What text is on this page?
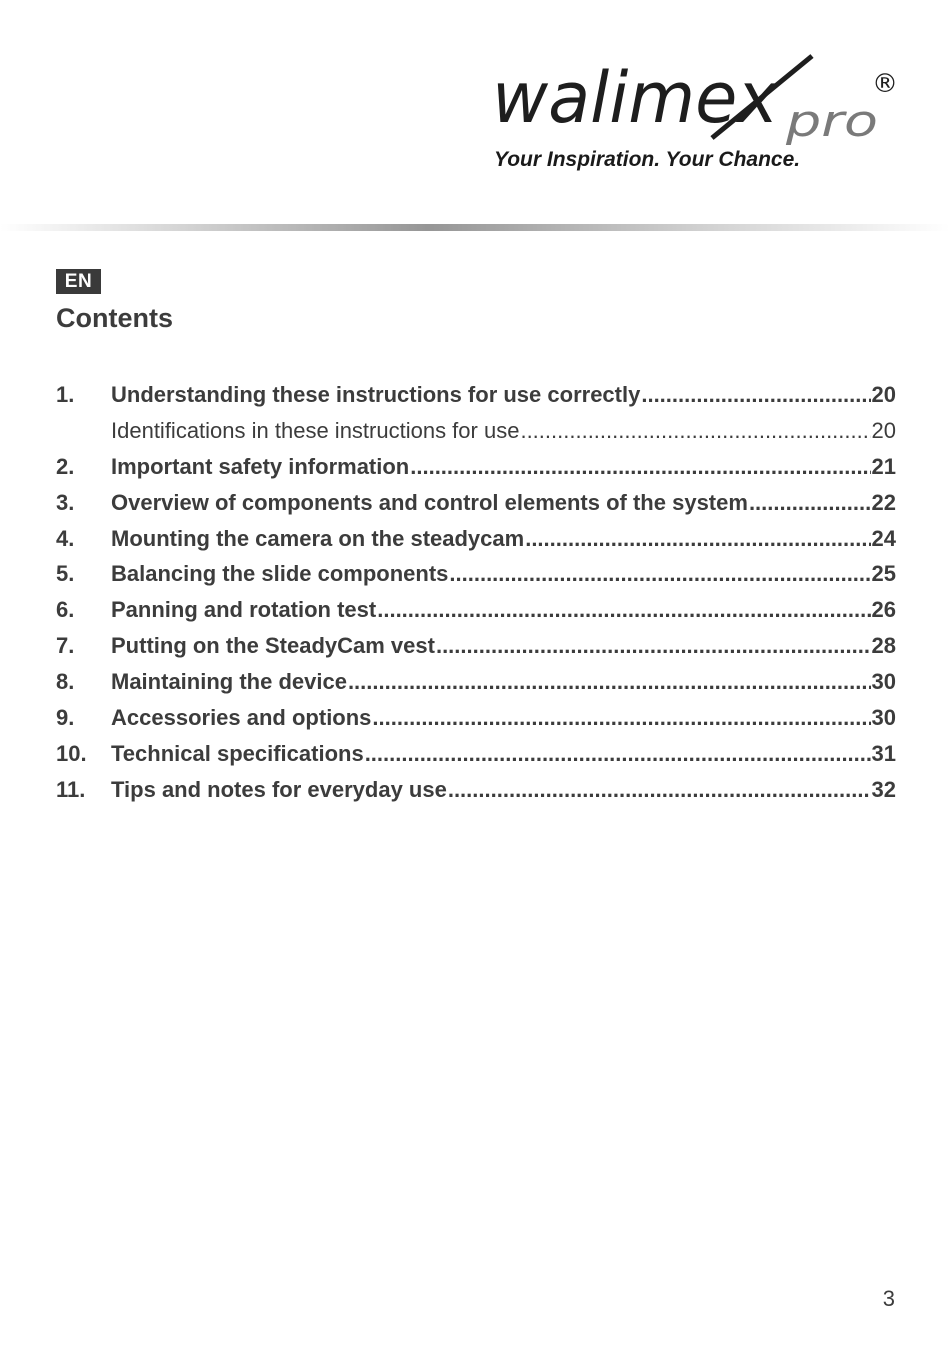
walimex pro
®
Your Inspiration. Your Chance.
EN
Contents
1.	Understanding these instructions for use correctly .....	20
Identifications in these instructions for use .....	20
2.	Important safety information .....	21
3.	Overview of components and control elements of the system .....	22
4.	Mounting the camera on the steadycam .....	24
5.	Balancing the slide components .....	25
6.	Panning and rotation test .....	26
7.	Putting on the SteadyCam vest .....	28
8.	Maintaining the device .....	30
9.	Accessories and options .....	30
10.	Technical specifications .....	31
11.	Tips and notes for everyday use .....	32
3
